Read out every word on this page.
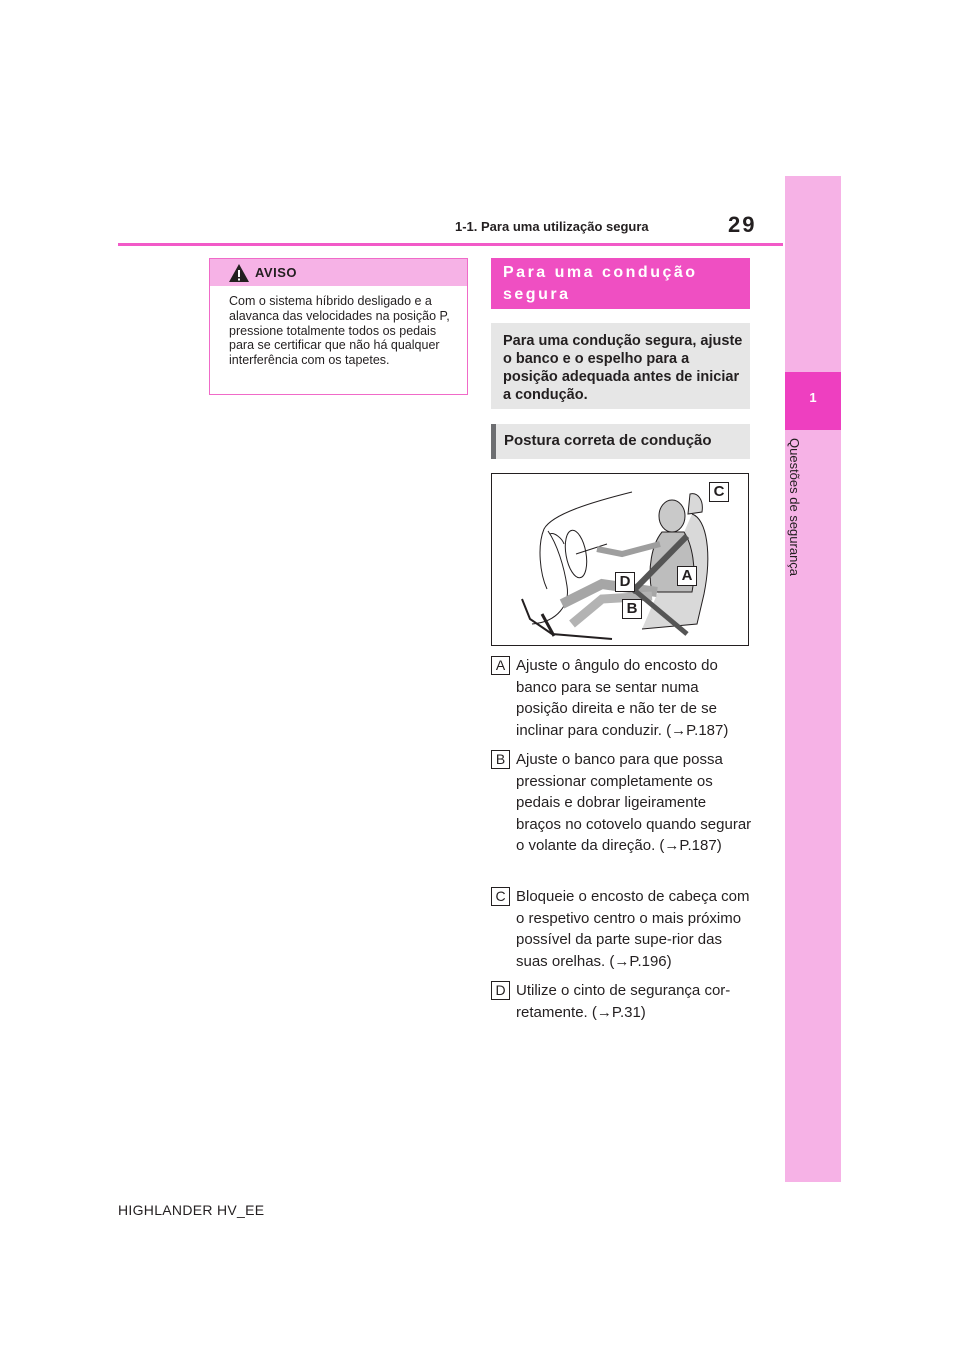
1-1. Para uma utilização segura	29
1
Questões de segurança
AVISO
Com o sistema híbrido desligado e a alavanca das velocidades na posição P, pressione totalmente todos os pedais para se certificar que não há qualquer interferência com os tapetes.
Para uma condução segura
Para uma condução segura, ajuste o banco e o espelho para a posição adequada antes de iniciar a condução.
Postura correta de condução
C
A
D
B
A Ajuste o ângulo do encosto do banco para se sentar numa posição direita e não ter de se inclinar para conduzir. (→P.187)
B Ajuste o banco para que possa pressionar completamente os pedais e dobrar ligeiramente braços no cotovelo quando segurar o volante da direção. (→P.187)
C Bloqueie o encosto de cabeça com o respetivo centro o mais próximo possível da parte supe-rior das suas orelhas. (→P.196)
D Utilize o cinto de segurança cor-retamente. (→P.31)
HIGHLANDER HV_EE
